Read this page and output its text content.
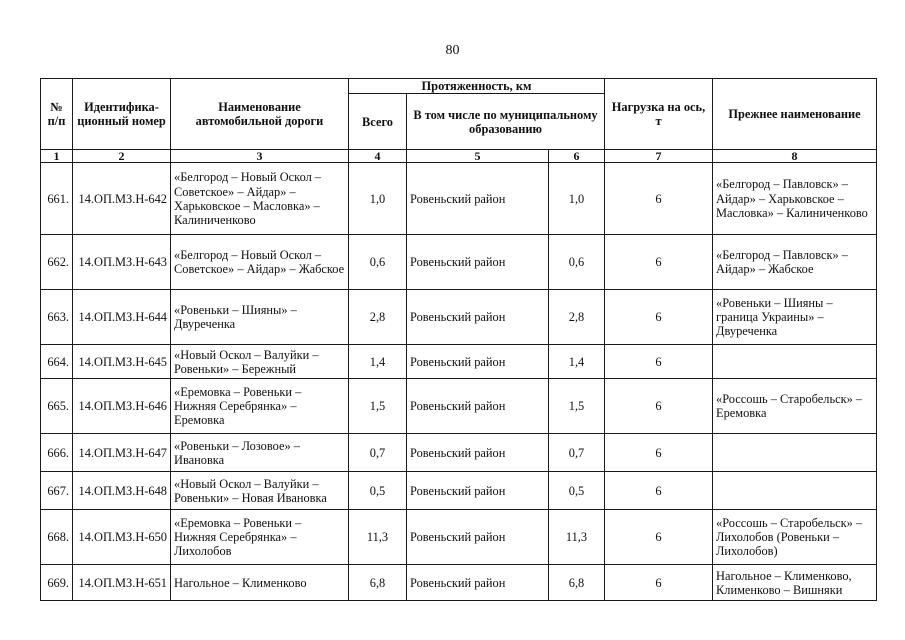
80
№ п/п	Идентифика-ционный номер	Наименование автомобильной дороги	Протяженность, км			Нагрузка на ось, т	Прежнее наименование
			Всего	В том числе по муниципальному образованию			
1	2	3	4	5	6	7	8
661.	14.ОП.МЗ.Н-642	«Белгород – Новый Оскол – Советское» – Айдар» – Харьковское – Масловка» – Калиниченково	1,0	Ровеньский район	1,0	6	«Белгород – Павловск» – Айдар» – Харьковское – Масловка» – Калиниченково
662.	14.ОП.МЗ.Н-643	«Белгород – Новый Оскол – Советское» – Айдар» – Жабское	0,6	Ровеньский район	0,6	6	«Белгород – Павловск» – Айдар» – Жабское
663.	14.ОП.МЗ.Н-644	«Ровеньки – Шияны» – Двуреченка	2,8	Ровеньский район	2,8	6	«Ровеньки – Шияны – граница Украины» – Двуреченка
664.	14.ОП.МЗ.Н-645	«Новый Оскол – Валуйки – Ровеньки» – Бережный	1,4	Ровеньский район	1,4	6	
665.	14.ОП.МЗ.Н-646	«Еремовка – Ровеньки – Нижняя Серебрянка» – Еремовка	1,5	Ровеньский район	1,5	6	«Россошь – Старобельск» – Еремовка
666.	14.ОП.МЗ.Н-647	«Ровеньки – Лозовое» – Ивановка	0,7	Ровеньский район	0,7	6	
667.	14.ОП.МЗ.Н-648	«Новый Оскол – Валуйки – Ровеньки» – Новая Ивановка	0,5	Ровеньский район	0,5	6	
668.	14.ОП.МЗ.Н-650	«Еремовка – Ровеньки – Нижняя Серебрянка» – Лихолобов	11,3	Ровеньский район	11,3	6	«Россошь – Старобельск» – Лихолобов (Ровеньки – Лихолобов)
669.	14.ОП.МЗ.Н-651	Нагольное – Клименково	6,8	Ровеньский район	6,8	6	Нагольное – Клименково, Клименково – Вишняки
